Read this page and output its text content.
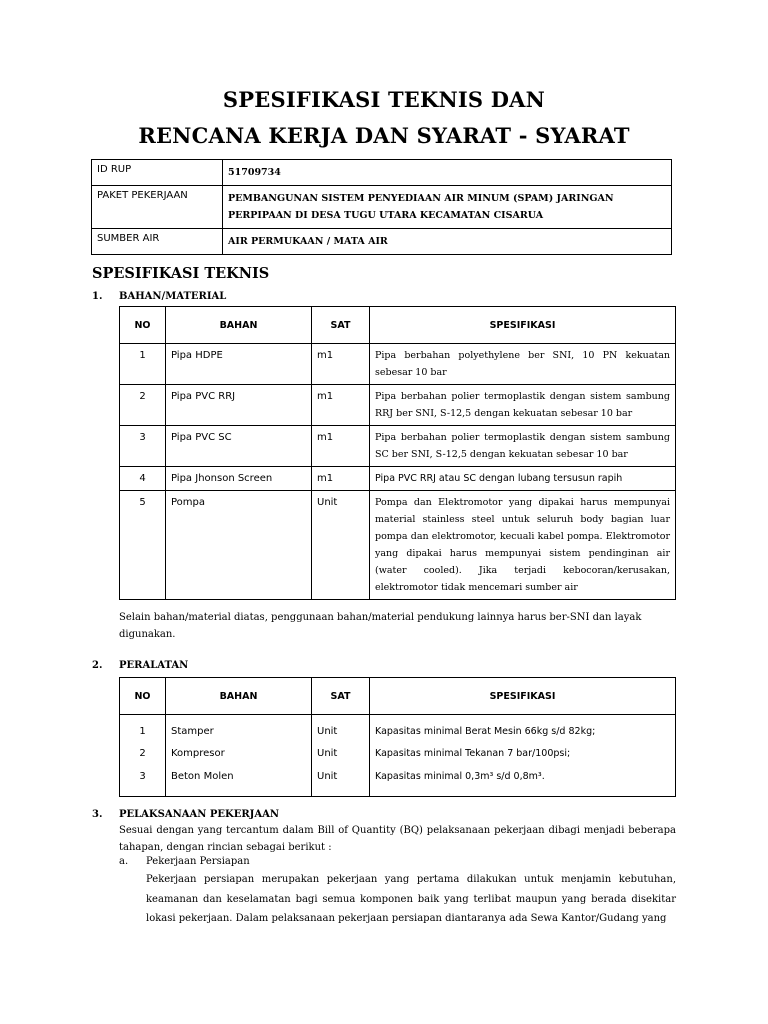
SPESIFIKASI TEKNIS DAN
RENCANA KERJA DAN SYARAT - SYARAT
ID RUP	51709734
PAKET PEKERJAAN	PEMBANGUNAN SISTEM PENYEDIAAN AIR MINUM (SPAM) JARINGAN PERPIPAAN DI DESA TUGU UTARA KECAMATAN CISARUA
SUMBER AIR	AIR PERMUKAAN / MATA AIR
SPESIFIKASI TEKNIS
1. BAHAN/MATERIAL
NO	BAHAN	SAT	SPESIFIKASI
1	Pipa HDPE	m1	Pipa berbahan polyethylene ber SNI, 10 PN kekuatan sebesar 10 bar
2	Pipa PVC RRJ	m1	Pipa berbahan polier termoplastik dengan sistem sambung RRJ ber SNI, S-12,5 dengan kekuatan sebesar 10 bar
3	Pipa PVC SC	m1	Pipa berbahan polier termoplastik dengan sistem sambung SC ber SNI, S-12,5 dengan kekuatan sebesar 10 bar
4	Pipa Jhonson Screen	m1	Pipa PVC RRJ atau SC dengan lubang tersusun rapih
5	Pompa	Unit	Pompa dan Elektromotor yang dipakai harus mempunyai material stainless steel untuk seluruh body bagian luar pompa dan elektromotor, kecuali kabel pompa. Elektromotor yang dipakai harus mempunyai sistem pendinginan air (water cooled). Jika terjadi kebocoran/kerusakan, elektromotor tidak mencemari sumber air
Selain bahan/material diatas, penggunaan bahan/material pendukung lainnya harus ber-SNI dan layak digunakan.
2. PERALATAN
NO	BAHAN	SAT	SPESIFIKASI
1	Stamper	Unit	Kapasitas minimal Berat Mesin 66kg s/d 82kg;
2	Kompresor	Unit	Kapasitas minimal Tekanan 7 bar/100psi;
3	Beton Molen	Unit	Kapasitas minimal 0,3m³ s/d 0,8m³.
3. PELAKSANAAN PEKERJAAN
Sesuai dengan yang tercantum dalam Bill of Quantity (BQ) pelaksanaan pekerjaan dibagi menjadi beberapa tahapan, dengan rincian sebagai berikut :
a. Pekerjaan Persiapan
Pekerjaan persiapan merupakan pekerjaan yang pertama dilakukan untuk menjamin kebutuhan, keamanan dan keselamatan bagi semua komponen baik yang terlibat maupun yang berada disekitar lokasi pekerjaan. Dalam pelaksanaan pekerjaan persiapan diantaranya ada Sewa Kantor/Gudang yang
